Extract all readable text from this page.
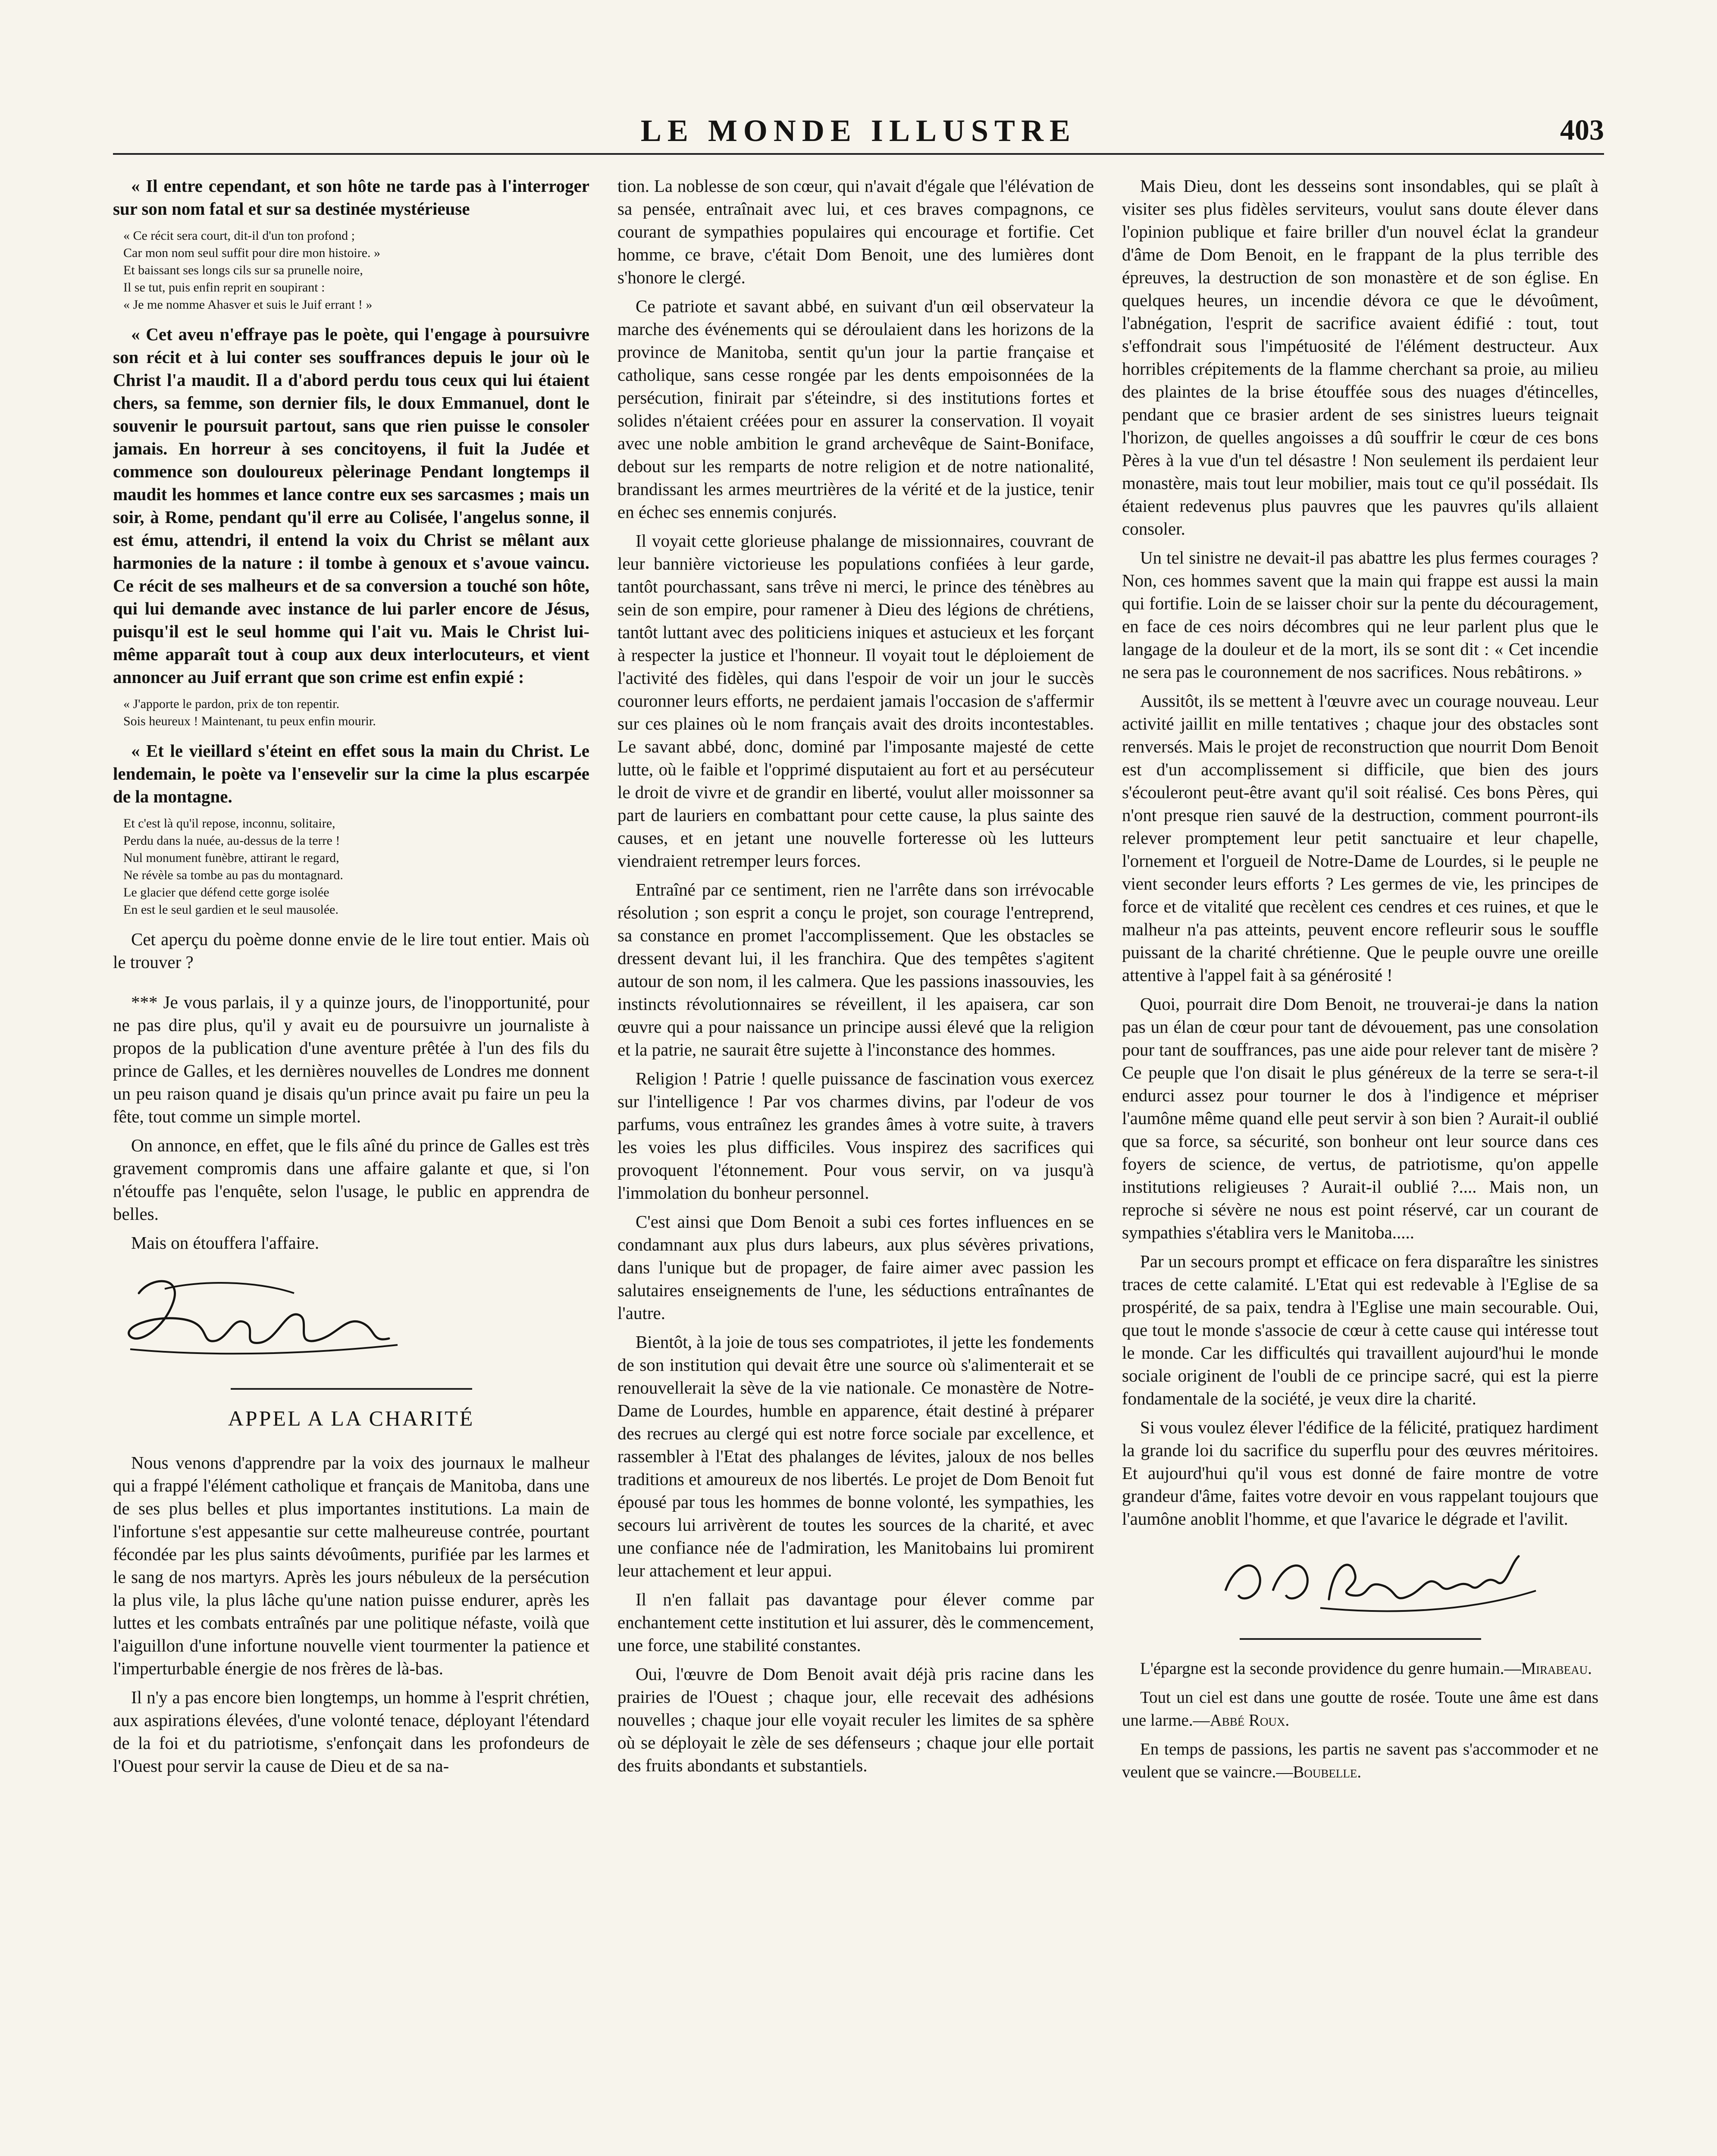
LE MONDE ILLUSTRE	403

« Il entre cependant, et son hôte ne tarde pas à l'interroger sur son nom fatal et sur sa destinée mystérieuse

« Ce récit sera court, dit-il d'un ton profond ;
Car mon nom seul suffit pour dire mon histoire. »
Et baissant ses longs cils sur sa prunelle noire,
Il se tut, puis enfin reprit en soupirant :
« Je me nomme Ahasver et suis le Juif errant ! »

« Cet aveu n'effraye pas le poète, qui l'engage à poursuivre son récit et à lui conter ses souffrances depuis le jour où le Christ l'a maudit. Il a d'abord perdu tous ceux qui lui étaient chers, sa femme, son dernier fils, le doux Emmanuel, dont le souvenir le poursuit partout, sans que rien puisse le consoler jamais. En horreur à ses concitoyens, il fuit la Judée et commence son douloureux pèlerinage Pendant longtemps il maudit les hommes et lance contre eux ses sarcasmes ; mais un soir, à Rome, pendant qu'il erre au Colisée, l'angelus sonne, il est ému, attendri, il entend la voix du Christ se mêlant aux harmonies de la nature : il tombe à genoux et s'avoue vaincu. Ce récit de ses malheurs et de sa conversion a touché son hôte, qui lui demande avec instance de lui parler encore de Jésus, puisqu'il est le seul homme qui l'ait vu. Mais le Christ lui-même apparaît tout à coup aux deux interlocuteurs, et vient annoncer au Juif errant que son crime est enfin expié :

« J'apporte le pardon, prix de ton repentir.
Sois heureux ! Maintenant, tu peux enfin mourir.

« Et le vieillard s'éteint en effet sous la main du Christ. Le lendemain, le poète va l'ensevelir sur la cime la plus escarpée de la montagne.

Et c'est là qu'il repose, inconnu, solitaire,
Perdu dans la nuée, au-dessus de la terre !
Nul monument funèbre, attirant le regard,
Ne révèle sa tombe au pas du montagnard.
Le glacier que défend cette gorge isolée
En est le seul gardien et le seul mausolée.

Cet aperçu du poème donne envie de le lire tout entier. Mais où le trouver ?

*** Je vous parlais, il y a quinze jours, de l'inopportunité, pour ne pas dire plus, qu'il y avait eu de poursuivre un journaliste à propos de la publication d'une aventure prêtée à l'un des fils du prince de Galles, et les dernières nouvelles de Londres me donnent un peu raison quand je disais qu'un prince avait pu faire un peu la fête, tout comme un simple mortel.

On annonce, en effet, que le fils aîné du prince de Galles est très gravement compromis dans une affaire galante et que, si l'on n'étouffe pas l'enquête, selon l'usage, le public en apprendra de belles.

Mais on étouffera l'affaire.

APPEL A LA CHARITÉ

Nous venons d'apprendre par la voix des journaux le malheur qui a frappé l'élément catholique et français de Manitoba, dans une de ses plus belles et plus importantes institutions. La main de l'infortune s'est appesantie sur cette malheureuse contrée, pourtant fécondée par les plus saints dévoûments, purifiée par les larmes et le sang de nos martyrs. Après les jours nébuleux de la persécution la plus vile, la plus lâche qu'une nation puisse endurer, après les luttes et les combats entraînés par une politique néfaste, voilà que l'aiguillon d'une infortune nouvelle vient tourmenter la patience et l'imperturbable énergie de nos frères de là-bas.

Il n'y a pas encore bien longtemps, un homme à l'esprit chrétien, aux aspirations élevées, d'une volonté tenace, déployant l'étendard de la foi et du patriotisme, s'enfonçait dans les profondeurs de l'Ouest pour servir la cause de Dieu et de sa na-

tion. La noblesse de son cœur, qui n'avait d'égale que l'élévation de sa pensée, entraînait avec lui, et ces braves compagnons, ce courant de sympathies populaires qui encourage et fortifie. Cet homme, ce brave, c'était Dom Benoit, une des lumières dont s'honore le clergé.

Ce patriote et savant abbé, en suivant d'un œil observateur la marche des événements qui se déroulaient dans les horizons de la province de Manitoba, sentit qu'un jour la partie française et catholique, sans cesse rongée par les dents empoisonnées de la persécution, finirait par s'éteindre, si des institutions fortes et solides n'étaient créées pour en assurer la conservation. Il voyait avec une noble ambition le grand archevêque de Saint-Boniface, debout sur les remparts de notre religion et de notre nationalité, brandissant les armes meurtrières de la vérité et de la justice, tenir en échec ses ennemis conjurés.

Il voyait cette glorieuse phalange de missionnaires, couvrant de leur bannière victorieuse les populations confiées à leur garde, tantôt pourchassant, sans trêve ni merci, le prince des ténèbres au sein de son empire, pour ramener à Dieu des légions de chrétiens, tantôt luttant avec des politiciens iniques et astucieux et les forçant à respecter la justice et l'honneur. Il voyait tout le déploiement de l'activité des fidèles, qui dans l'espoir de voir un jour le succès couronner leurs efforts, ne perdaient jamais l'occasion de s'affermir sur ces plaines où le nom français avait des droits incontestables. Le savant abbé, donc, dominé par l'imposante majesté de cette lutte, où le faible et l'opprimé disputaient au fort et au persécuteur le droit de vivre et de grandir en liberté, voulut aller moissonner sa part de lauriers en combattant pour cette cause, la plus sainte des causes, et en jetant une nouvelle forteresse où les lutteurs viendraient retremper leurs forces.

Entraîné par ce sentiment, rien ne l'arrête dans son irrévocable résolution ; son esprit a conçu le projet, son courage l'entreprend, sa constance en promet l'accomplissement. Que les obstacles se dressent devant lui, il les franchira. Que des tempêtes s'agitent autour de son nom, il les calmera. Que les passions inassouvies, les instincts révolutionnaires se réveillent, il les apaisera, car son œuvre qui a pour naissance un principe aussi élevé que la religion et la patrie, ne saurait être sujette à l'inconstance des hommes.

Religion ! Patrie ! quelle puissance de fascination vous exercez sur l'intelligence ! Par vos charmes divins, par l'odeur de vos parfums, vous entraînez les grandes âmes à votre suite, à travers les voies les plus difficiles. Vous inspirez des sacrifices qui provoquent l'étonnement. Pour vous servir, on va jusqu'à l'immolation du bonheur personnel.

C'est ainsi que Dom Benoit a subi ces fortes influences en se condamnant aux plus durs labeurs, aux plus sévères privations, dans l'unique but de propager, de faire aimer avec passion les salutaires enseignements de l'une, les séductions entraînantes de l'autre.

Bientôt, à la joie de tous ses compatriotes, il jette les fondements de son institution qui devait être une source où s'alimenterait et se renouvellerait la sève de la vie nationale. Ce monastère de Notre-Dame de Lourdes, humble en apparence, était destiné à préparer des recrues au clergé qui est notre force sociale par excellence, et rassembler à l'Etat des phalanges de lévites, jaloux de nos belles traditions et amoureux de nos libertés. Le projet de Dom Benoit fut épousé par tous les hommes de bonne volonté, les sympathies, les secours lui arrivèrent de toutes les sources de la charité, et avec une confiance née de l'admiration, les Manitobains lui promirent leur attachement et leur appui.

Il n'en fallait pas davantage pour élever comme par enchantement cette institution et lui assurer, dès le commencement, une force, une stabilité constantes.

Oui, l'œuvre de Dom Benoit avait déjà pris racine dans les prairies de l'Ouest ; chaque jour, elle recevait des adhésions nouvelles ; chaque jour elle voyait reculer les limites de sa sphère où se déployait le zèle de ses défenseurs ; chaque jour elle portait des fruits abondants et substantiels.

Mais Dieu, dont les desseins sont insondables, qui se plaît à visiter ses plus fidèles serviteurs, voulut sans doute élever dans l'opinion publique et faire briller d'un nouvel éclat la grandeur d'âme de Dom Benoit, en le frappant de la plus terrible des épreuves, la destruction de son monastère et de son église. En quelques heures, un incendie dévora ce que le dévoûment, l'abnégation, l'esprit de sacrifice avaient édifié : tout, tout s'effondrait sous l'impétuosité de l'élément destructeur. Aux horribles crépitements de la flamme cherchant sa proie, au milieu des plaintes de la brise étouffée sous des nuages d'étincelles, pendant que ce brasier ardent de ses sinistres lueurs teignait l'horizon, de quelles angoisses a dû souffrir le cœur de ces bons Pères à la vue d'un tel désastre ! Non seulement ils perdaient leur monastère, mais tout leur mobilier, mais tout ce qu'il possédait. Ils étaient redevenus plus pauvres que les pauvres qu'ils allaient consoler.

Un tel sinistre ne devait-il pas abattre les plus fermes courages ? Non, ces hommes savent que la main qui frappe est aussi la main qui fortifie. Loin de se laisser choir sur la pente du découragement, en face de ces noirs décombres qui ne leur parlent plus que le langage de la douleur et de la mort, ils se sont dit : « Cet incendie ne sera pas le couronnement de nos sacrifices. Nous rebâtirons. »

Aussitôt, ils se mettent à l'œuvre avec un courage nouveau. Leur activité jaillit en mille tentatives ; chaque jour des obstacles sont renversés. Mais le projet de reconstruction que nourrit Dom Benoit est d'un accomplissement si difficile, que bien des jours s'écouleront peut-être avant qu'il soit réalisé. Ces bons Pères, qui n'ont presque rien sauvé de la destruction, comment pourront-ils relever promptement leur petit sanctuaire et leur chapelle, l'ornement et l'orgueil de Notre-Dame de Lourdes, si le peuple ne vient seconder leurs efforts ? Les germes de vie, les principes de force et de vitalité que recèlent ces cendres et ces ruines, et que le malheur n'a pas atteints, peuvent encore refleurir sous le souffle puissant de la charité chrétienne. Que le peuple ouvre une oreille attentive à l'appel fait à sa générosité !

Quoi, pourrait dire Dom Benoit, ne trouverai-je dans la nation pas un élan de cœur pour tant de dévouement, pas une consolation pour tant de souffrances, pas une aide pour relever tant de misère ? Ce peuple que l'on disait le plus généreux de la terre se sera-t-il endurci assez pour tourner le dos à l'indigence et mépriser l'aumône même quand elle peut servir à son bien ? Aurait-il oublié que sa force, sa sécurité, son bonheur ont leur source dans ces foyers de science, de vertus, de patriotisme, qu'on appelle institutions religieuses ? Aurait-il oublié ?.... Mais non, un reproche si sévère ne nous est point réservé, car un courant de sympathies s'établira vers le Manitoba.....

Par un secours prompt et efficace on fera disparaître les sinistres traces de cette calamité. L'Etat qui est redevable à l'Eglise de sa prospérité, de sa paix, tendra à l'Eglise une main secourable. Oui, que tout le monde s'associe de cœur à cette cause qui intéresse tout le monde. Car les difficultés qui travaillent aujourd'hui le monde sociale originent de l'oubli de ce principe sacré, qui est la pierre fondamentale de la société, je veux dire la charité.

Si vous voulez élever l'édifice de la félicité, pratiquez hardiment la grande loi du sacrifice du superflu pour des œuvres méritoires. Et aujourd'hui qu'il vous est donné de faire montre de votre grandeur d'âme, faites votre devoir en vous rappelant toujours que l'aumône anoblit l'homme, et que l'avarice le dégrade et l'avilit.

L'épargne est la seconde providence du genre humain.—Mirabeau.

Tout un ciel est dans une goutte de rosée. Toute une âme est dans une larme.—Abbé Roux.

En temps de passions, les partis ne savent pas s'accommoder et ne veulent que se vaincre.—Boubelle.
